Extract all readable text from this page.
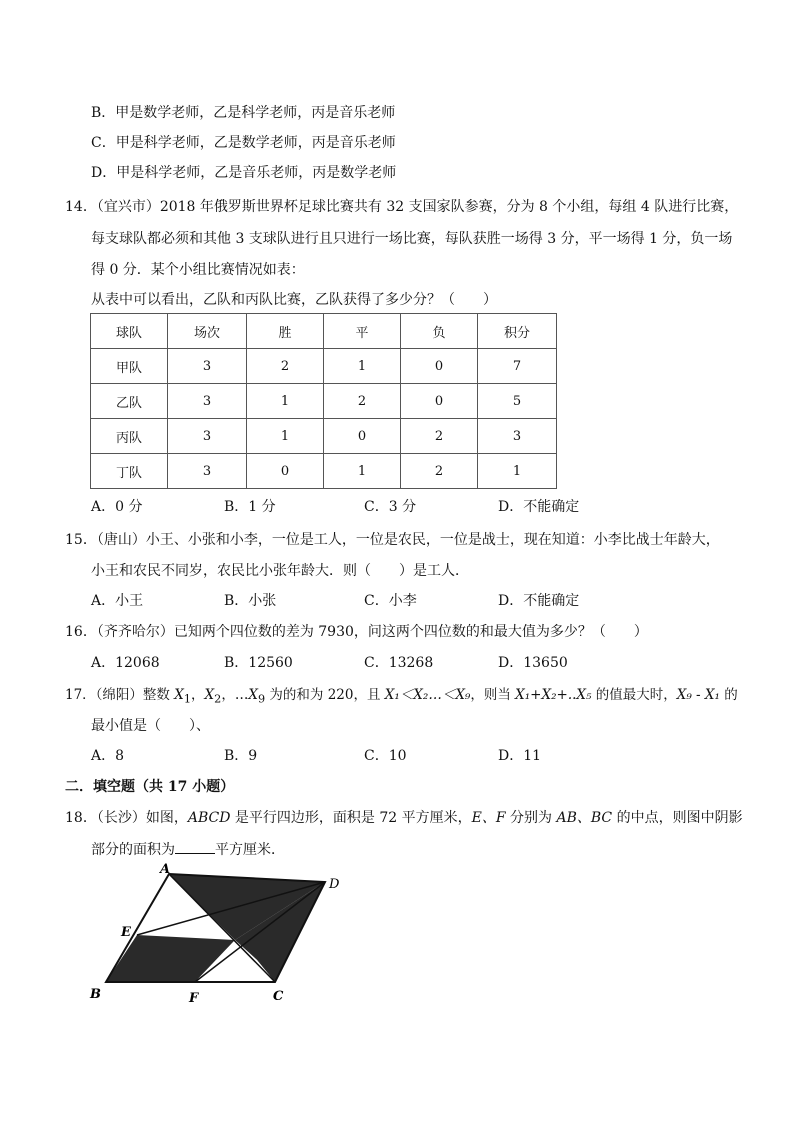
B．甲是数学老师，乙是科学老师，丙是音乐老师
C．甲是科学老师，乙是数学老师，丙是音乐老师
D．甲是科学老师，乙是音乐老师，丙是数学老师
14．（宜兴市）2018 年俄罗斯世界杯足球比赛共有 32 支国家队参赛，分为 8 个小组，每组 4 队进行比赛，
每支球队都必须和其他 3 支球队进行且只进行一场比赛，每队获胜一场得 3 分，平一场得 1 分，负一场
得 0 分．某个小组比赛情况如表：
从表中可以看出，乙队和丙队比赛，乙队获得了多少分？（　　）
球队	场次	胜	平	负	积分
甲队	3	2	1	0	7
乙队	3	1	2	0	5
丙队	3	1	0	2	3
丁队	3	0	1	2	1
A．0 分	B．1 分	C．3 分	D．不能确定
15．（唐山）小王、小张和小李，一位是工人，一位是农民，一位是战士，现在知道：小李比战士年龄大，
小王和农民不同岁，农民比小张年龄大．则（　　）是工人．
A．小王	B．小张	C．小李	D．不能确定
16．（齐齐哈尔）已知两个四位数的差为 7930，问这两个四位数的和最大值为多少？（　　）
A．12068	B．12560	C．13268	D．13650
17．（绵阳）整数 $X_1$，$X_2$，$\dots X_9$ 为的和为 220，且 X₁＜X₂…＜X₉，则当 X₁+X₂+..X₅ 的值最大时，X₉ - X₁ 的
最小值是（　　）、
A．8	B．9	C．10	D．11
二．填空题（共 17 小题）
18．（长沙）如图，ABCD 是平行四边形，面积是 72 平方厘米，E、F 分别为 AB、BC 的中点，则图中阴影
部分的面积为	平方厘米．
A
D
E
B	F	C
